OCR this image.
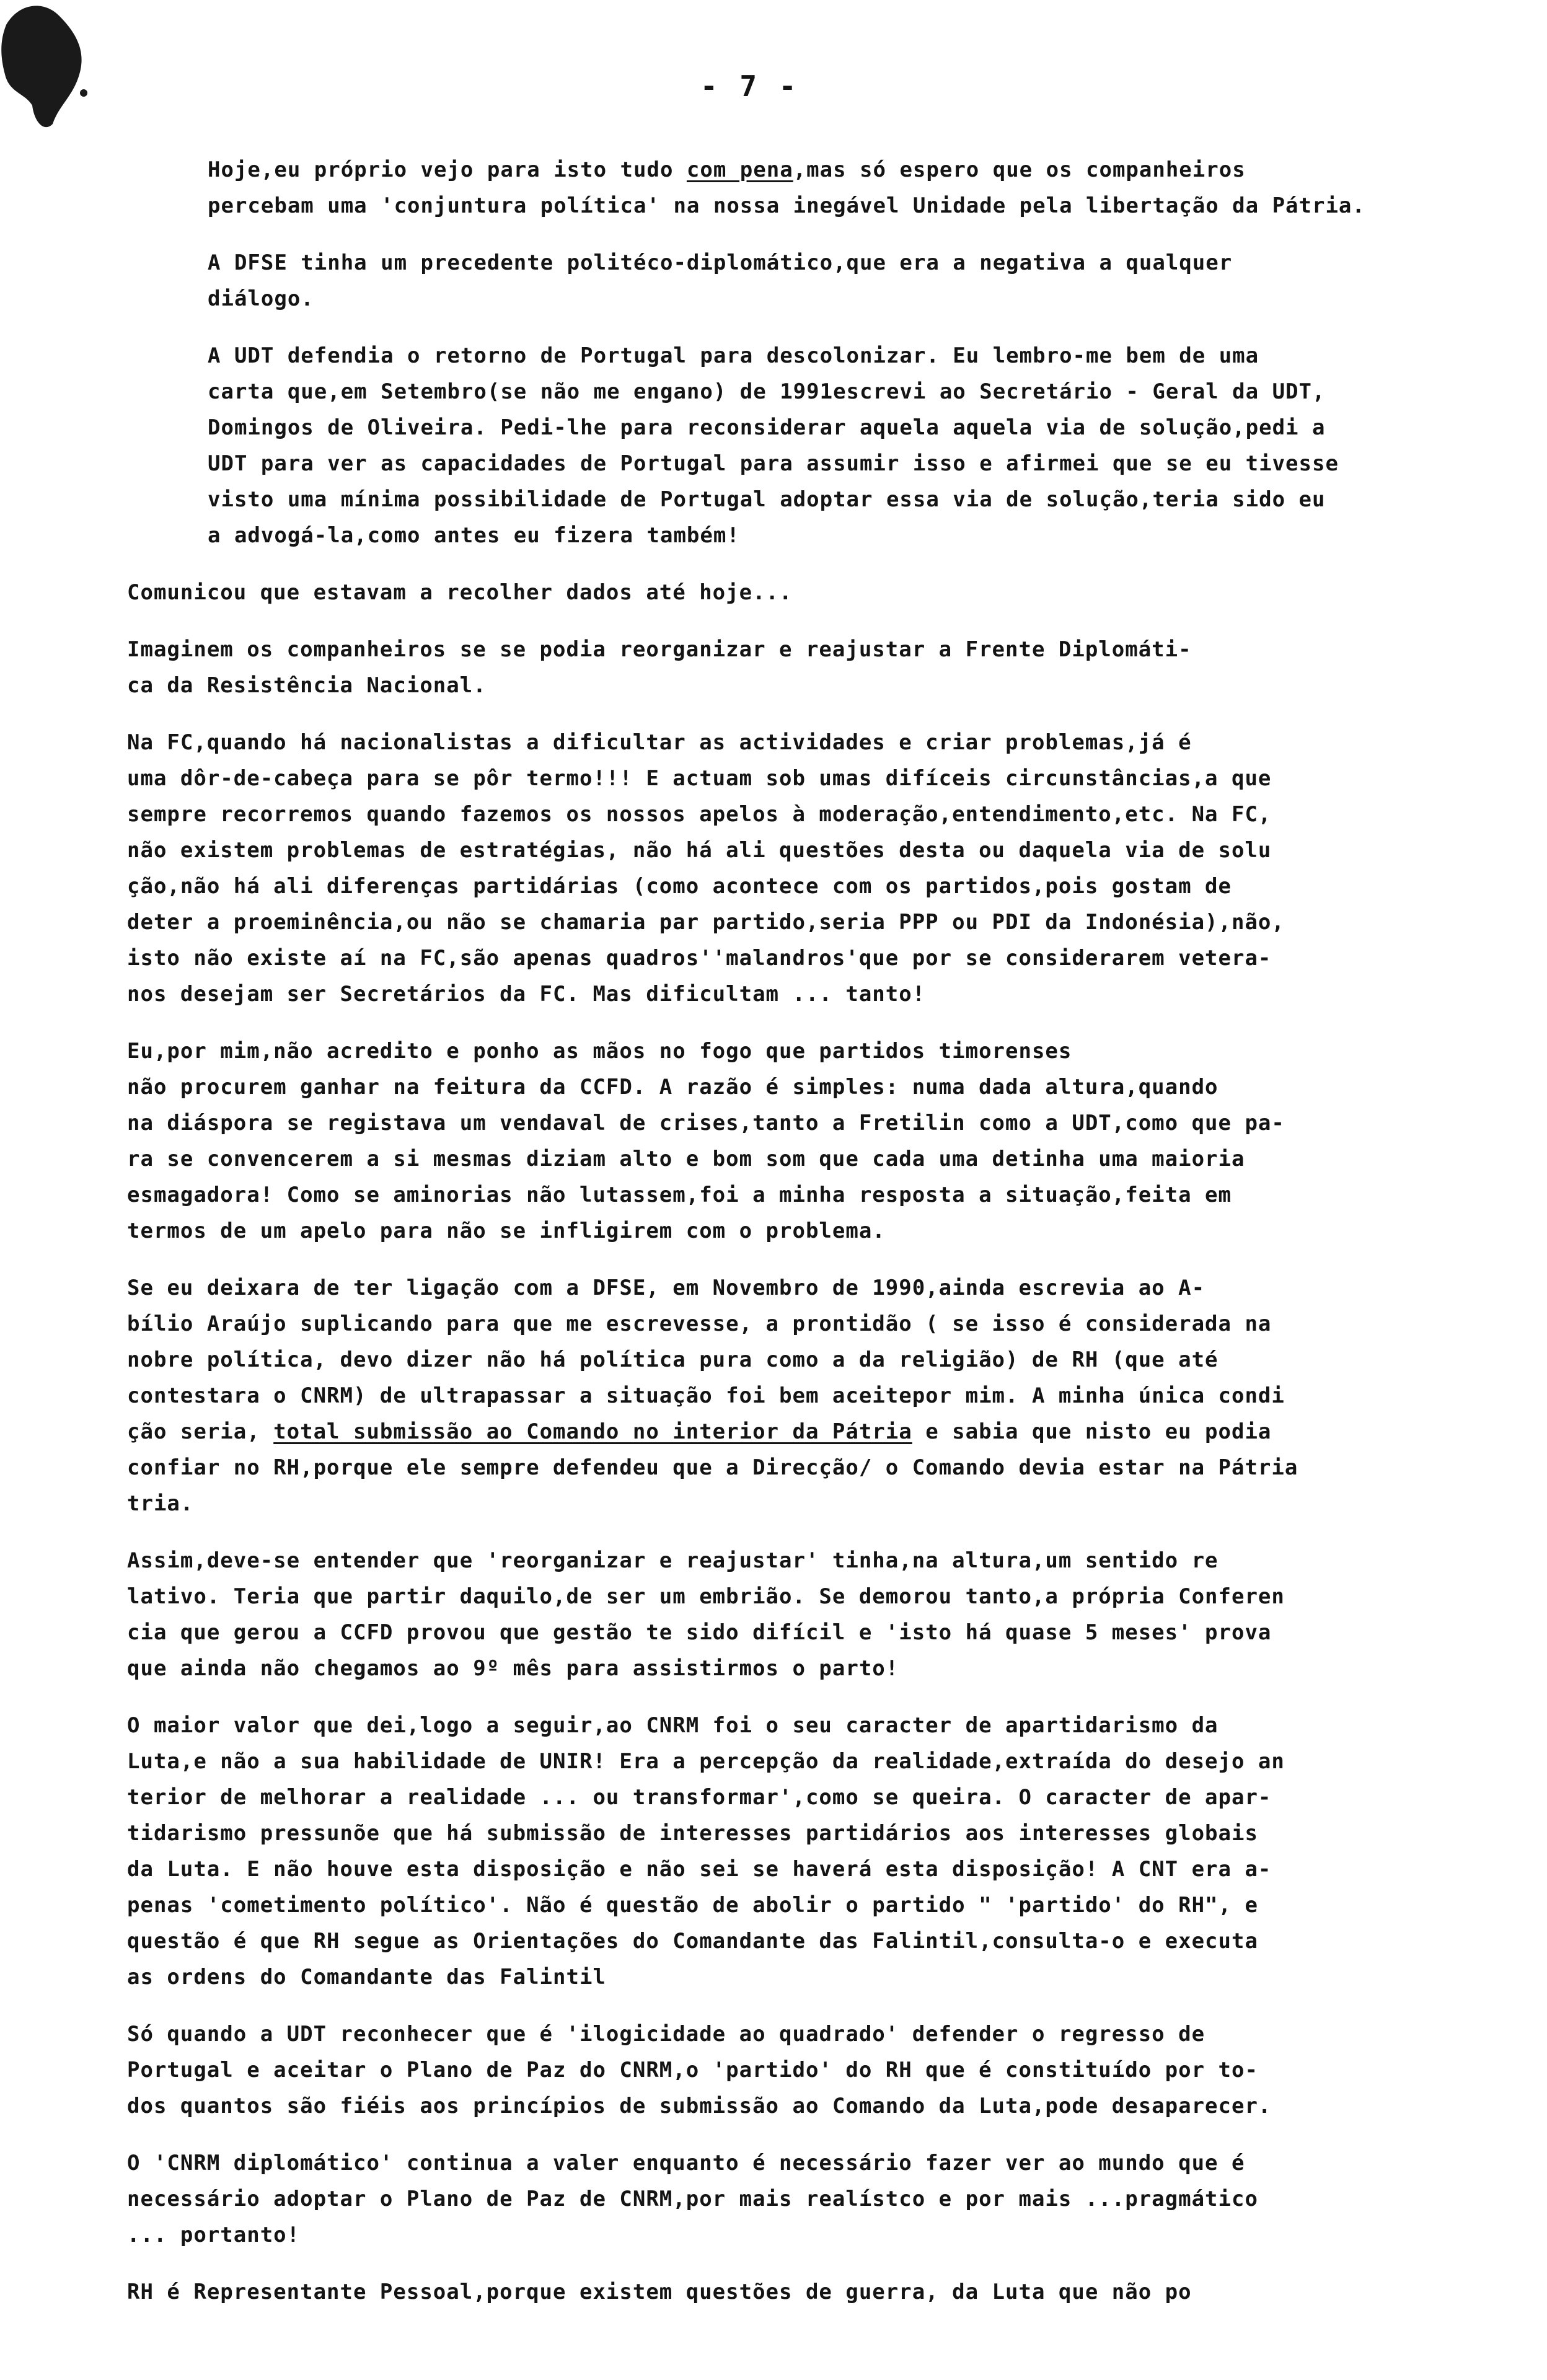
- 7 -
Hoje,eu próprio vejo para isto tudo com pena,mas só espero que os companheiros
percebam uma 'conjuntura política' na nossa inegável Unidade pela libertação da Pátria.
A DFSE tinha um precedente politéco-diplomático,que era a negativa a qualquer
diálogo.
A UDT defendia o retorno de Portugal para descolonizar. Eu lembro-me bem de uma
carta que,em Setembro(se não me engano) de 1991escrevi ao Secretário - Geral da UDT,
Domingos de Oliveira. Pedi-lhe para reconsiderar aquela aquela via de solução,pedi a
UDT para ver as capacidades de Portugal para assumir isso e afirmei que se eu tivesse
visto uma mínima possibilidade de Portugal adoptar essa via de solução,teria sido eu
a advogá-la,como antes eu fizera também!
Comunicou que estavam a recolher dados até hoje...
Imaginem os companheiros se se podia reorganizar e reajustar a Frente Diplomáti-
ca da Resistência Nacional.
Na FC,quando há nacionalistas a dificultar as actividades e criar problemas,já é
uma dôr-de-cabeça para se pôr termo!!! E actuam sob umas difíceis circunstâncias,a que
sempre recorremos quando fazemos os nossos apelos à moderação,entendimento,etc. Na FC,
não existem problemas de estratégias, não há ali questões desta ou daquela via de solu
ção,não há ali diferenças partidárias (como acontece com os partidos,pois gostam de
deter a proeminência,ou não se chamaria par partido,seria PPP ou PDI da Indonésia),não,
isto não existe aí na FC,são apenas quadros''malandros'que por se considerarem vetera-
nos desejam ser Secretários da FC. Mas dificultam ... tanto!
Eu,por mim,não acredito e ponho as mãos no fogo que partidos timorenses
não procurem ganhar na feitura da CCFD. A razão é simples: numa dada altura,quando
na diáspora se registava um vendaval de crises,tanto a Fretilin como a UDT,como que pa-
ra se convencerem a si mesmas diziam alto e bom som que cada uma detinha uma maioria
esmagadora! Como se aminorias não lutassem,foi a minha resposta a situação,feita em
termos de um apelo para não se infligirem com o problema.
Se eu deixara de ter ligação com a DFSE, em Novembro de 1990,ainda escrevia ao A-
bílio Araújo suplicando para que me escrevesse, a prontidão ( se isso é considerada na
nobre política, devo dizer não há política pura como a da religião) de RH (que até
contestara o CNRM) de ultrapassar a situação foi bem aceitepor mim. A minha única condi
ção seria, total submissão ao Comando no interior da Pátria e sabia que nisto eu podia
confiar no RH,porque ele sempre defendeu que a Direcção/ o Comando devia estar na Pátria
tria.
Assim,deve-se entender que 'reorganizar e reajustar' tinha,na altura,um sentido re
lativo. Teria que partir daquilo,de ser um embrião. Se demorou tanto,a própria Conferen
cia que gerou a CCFD provou que gestão te sido difícil e 'isto há quase 5 meses' prova
que ainda não chegamos ao 9º mês para assistirmos o parto!
O maior valor que dei,logo a seguir,ao CNRM foi o seu caracter de apartidarismo da
Luta,e não a sua habilidade de UNIR! Era a percepção da realidade,extraída do desejo an
terior de melhorar a realidade ... ou transformar',como se queira. O caracter de apar-
tidarismo pressunõe que há submissão de interesses partidários aos interesses globais
da Luta. E não houve esta disposição e não sei se haverá esta disposição! A CNT era a-
penas 'cometimento político'. Não é questão de abolir o partido " 'partido' do RH", e
questão é que RH segue as Orientações do Comandante das Falintil,consulta-o e executa
as ordens do Comandante das Falintil
Só quando a UDT reconhecer que é 'ilogicidade ao quadrado' defender o regresso de
Portugal e aceitar o Plano de Paz do CNRM,o 'partido' do RH que é constituído por to-
dos quantos são fiéis aos princípios de submissão ao Comando da Luta,pode desaparecer.
O 'CNRM diplomático' continua a valer enquanto é necessário fazer ver ao mundo que é
necessário adoptar o Plano de Paz de CNRM,por mais realístco e por mais ...pragmático
... portanto!
RH é Representante Pessoal,porque existem questões de guerra, da Luta que não po
